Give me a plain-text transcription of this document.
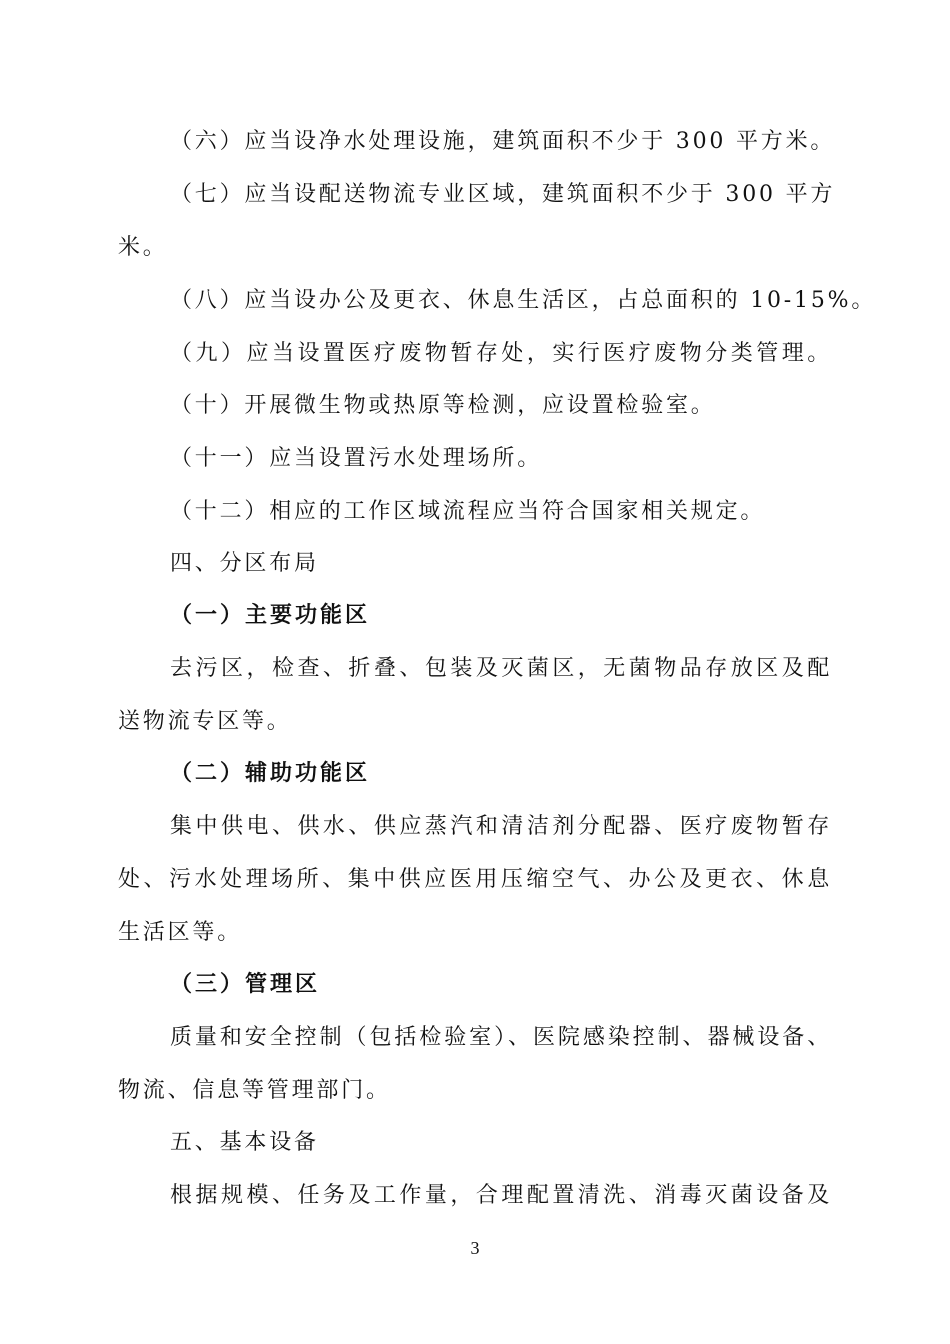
（六）应当设净水处理设施，建筑面积不少于 300 平方米。
（七）应当设配送物流专业区域，建筑面积不少于 300 平方
米。
（八）应当设办公及更衣、休息生活区，占总面积的 10-15%。
（九）应当设置医疗废物暂存处，实行医疗废物分类管理。
（十）开展微生物或热原等检测，应设置检验室。
（十一）应当设置污水处理场所。
（十二）相应的工作区域流程应当符合国家相关规定。
四、分区布局
（一）主要功能区
去污区，检查、折叠、包装及灭菌区，无菌物品存放区及配
送物流专区等。
（二）辅助功能区
集中供电、供水、供应蒸汽和清洁剂分配器、医疗废物暂存
处、污水处理场所、集中供应医用压缩空气、办公及更衣、休息
生活区等。
（三）管理区
质量和安全控制（包括检验室）、医院感染控制、器械设备、
物流、信息等管理部门。
五、基本设备
根据规模、任务及工作量，合理配置清洗、消毒灭菌设备及
3
